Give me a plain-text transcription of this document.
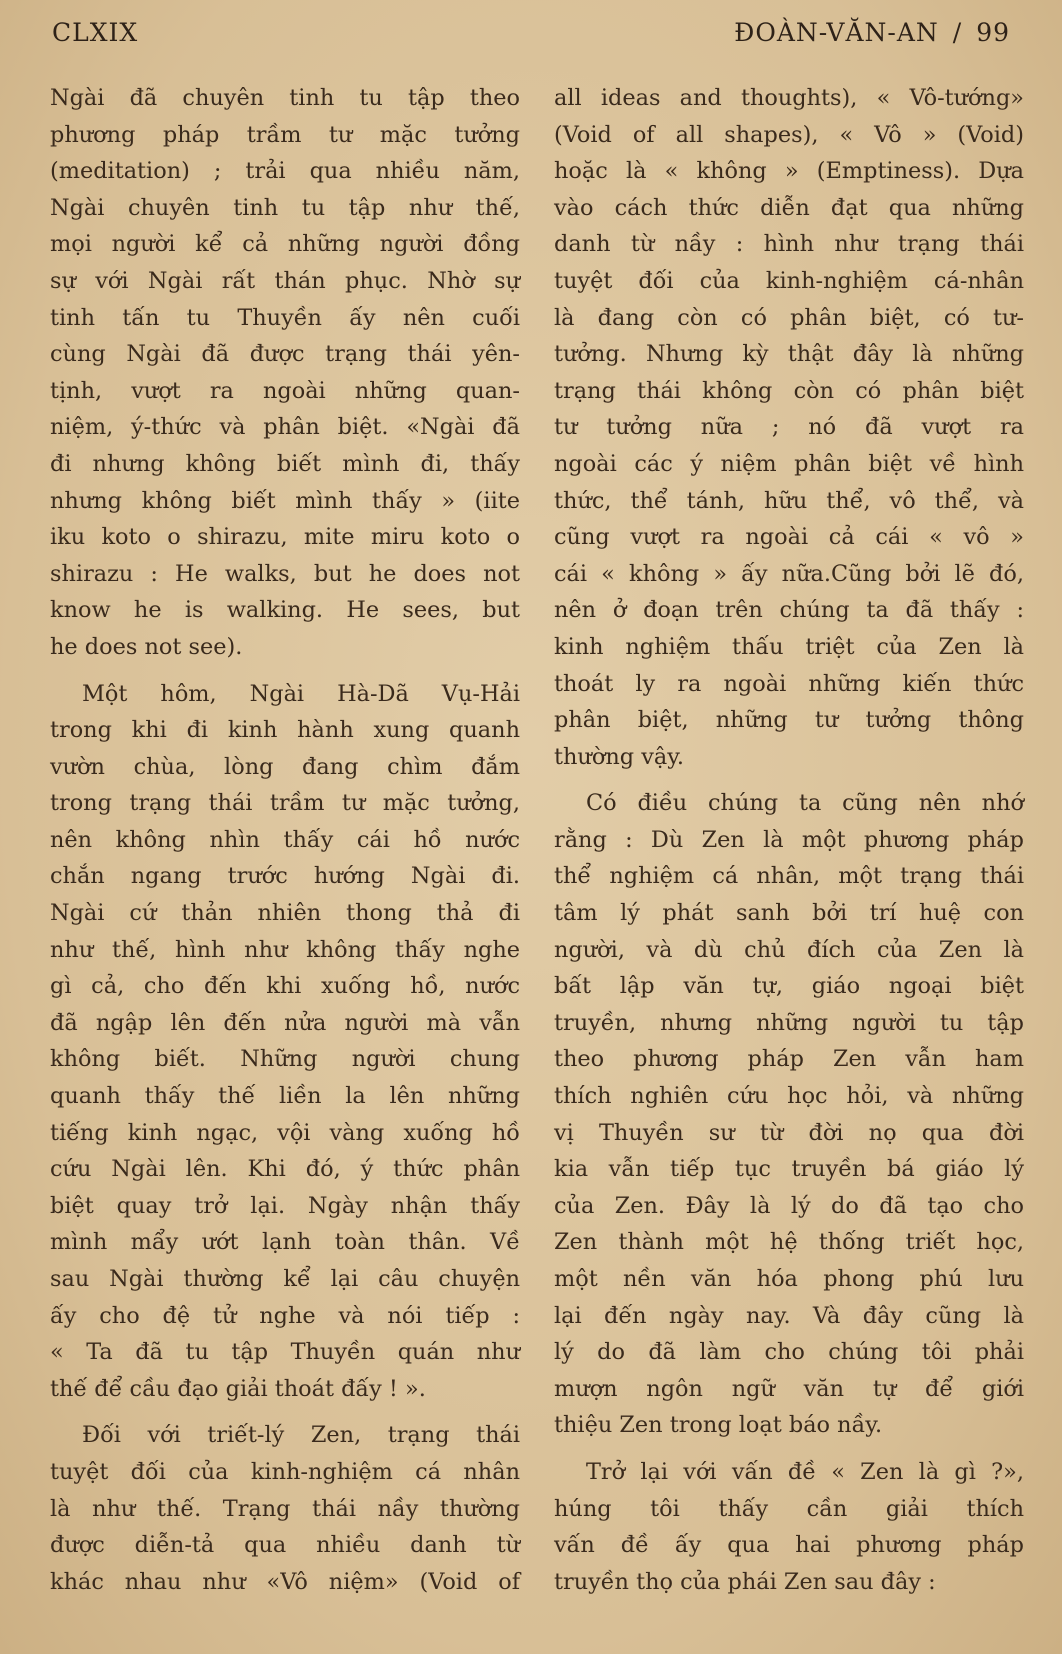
CLXIX	ĐOÀN-VĂN-AN / 99

Ngài đã chuyên tinh tu tập theo
phương pháp trầm tư mặc tưởng
(meditation) ; trải qua nhiều năm,
Ngài chuyên tinh tu tập như thế,
mọi người kể cả những người đồng
sự với Ngài rất thán phục. Nhờ sự
tinh tấn tu Thuyền ấy nên cuối
cùng Ngài đã được trạng thái yên-
tịnh, vượt ra ngoài những quan-
niệm, ý-thức và phân biệt. «Ngài đã
đi nhưng không biết mình đi, thấy
nhưng không biết mình thấy » (iite
iku koto o shirazu, mite miru koto o
shirazu : He walks, but he does not
know he is walking. He sees, but
he does not see).

Một hôm, Ngài Hà-Dã Vụ-Hải
trong khi đi kinh hành xung quanh
vườn chùa, lòng đang chìm đắm
trong trạng thái trầm tư mặc tưởng,
nên không nhìn thấy cái hồ nước
chắn ngang trước hướng Ngài đi.
Ngài cứ thản nhiên thong thả đi
như thế, hình như không thấy nghe
gì cả, cho đến khi xuống hồ, nước
đã ngập lên đến nửa người mà vẫn
không biết. Những người chung
quanh thấy thế liền la lên những
tiếng kinh ngạc, vội vàng xuống hồ
cứu Ngài lên. Khi đó, ý thức phân
biệt quay trở lại. Ngày nhận thấy
mình mẩy ướt lạnh toàn thân. Về
sau Ngài thường kể lại câu chuyện
ấy cho đệ tử nghe và nói tiếp :
« Ta đã tu tập Thuyền quán như
thế để cầu đạo giải thoát đấy ! ».

Đối với triết-lý Zen, trạng thái
tuyệt đối của kinh-nghiệm cá nhân
là như thế. Trạng thái nầy thường
được diễn-tả qua nhiều danh từ
khác nhau như «Vô niệm» (Void of

all ideas and thoughts), « Vô-tướng»
(Void of all shapes), « Vô » (Void)
hoặc là « không » (Emptiness). Dựa
vào cách thức diễn đạt qua những
danh từ nầy : hình như trạng thái
tuyệt đối của kinh-nghiệm cá-nhân
là đang còn có phân biệt, có tư-
tưởng. Nhưng kỳ thật đây là những
trạng thái không còn có phân biệt
tư tưởng nữa ; nó đã vượt ra
ngoài các ý niệm phân biệt về hình
thức, thể tánh, hữu thể, vô thể, và
cũng vượt ra ngoài cả cái « vô »
cái « không » ấy nữa.Cũng bởi lẽ đó,
nên ở đoạn trên chúng ta đã thấy :
kinh nghiệm thấu triệt của Zen là
thoát ly ra ngoài những kiến thức
phân biệt, những tư tưởng thông
thường vậy.

Có điều chúng ta cũng nên nhớ
rằng : Dù Zen là một phương pháp
thể nghiệm cá nhân, một trạng thái
tâm lý phát sanh bởi trí huệ con
người, và dù chủ đích của Zen là
bất lập văn tự, giáo ngoại biệt
truyền, nhưng những người tu tập
theo phương pháp Zen vẫn ham
thích nghiên cứu học hỏi, và những
vị Thuyền sư từ đời nọ qua đời
kia vẫn tiếp tục truyền bá giáo lý
của Zen. Đây là lý do đã tạo cho
Zen thành một hệ thống triết học,
một nền văn hóa phong phú lưu
lại đến ngày nay. Và đây cũng là
lý do đã làm cho chúng tôi phải
mượn ngôn ngữ văn tự để giới
thiệu Zen trong loạt báo nầy.

Trở lại với vấn đề « Zen là gì ?»,
húng tôi thấy cần giải thích
vấn đề ấy qua hai phương pháp
truyền thọ của phái Zen sau đây :
